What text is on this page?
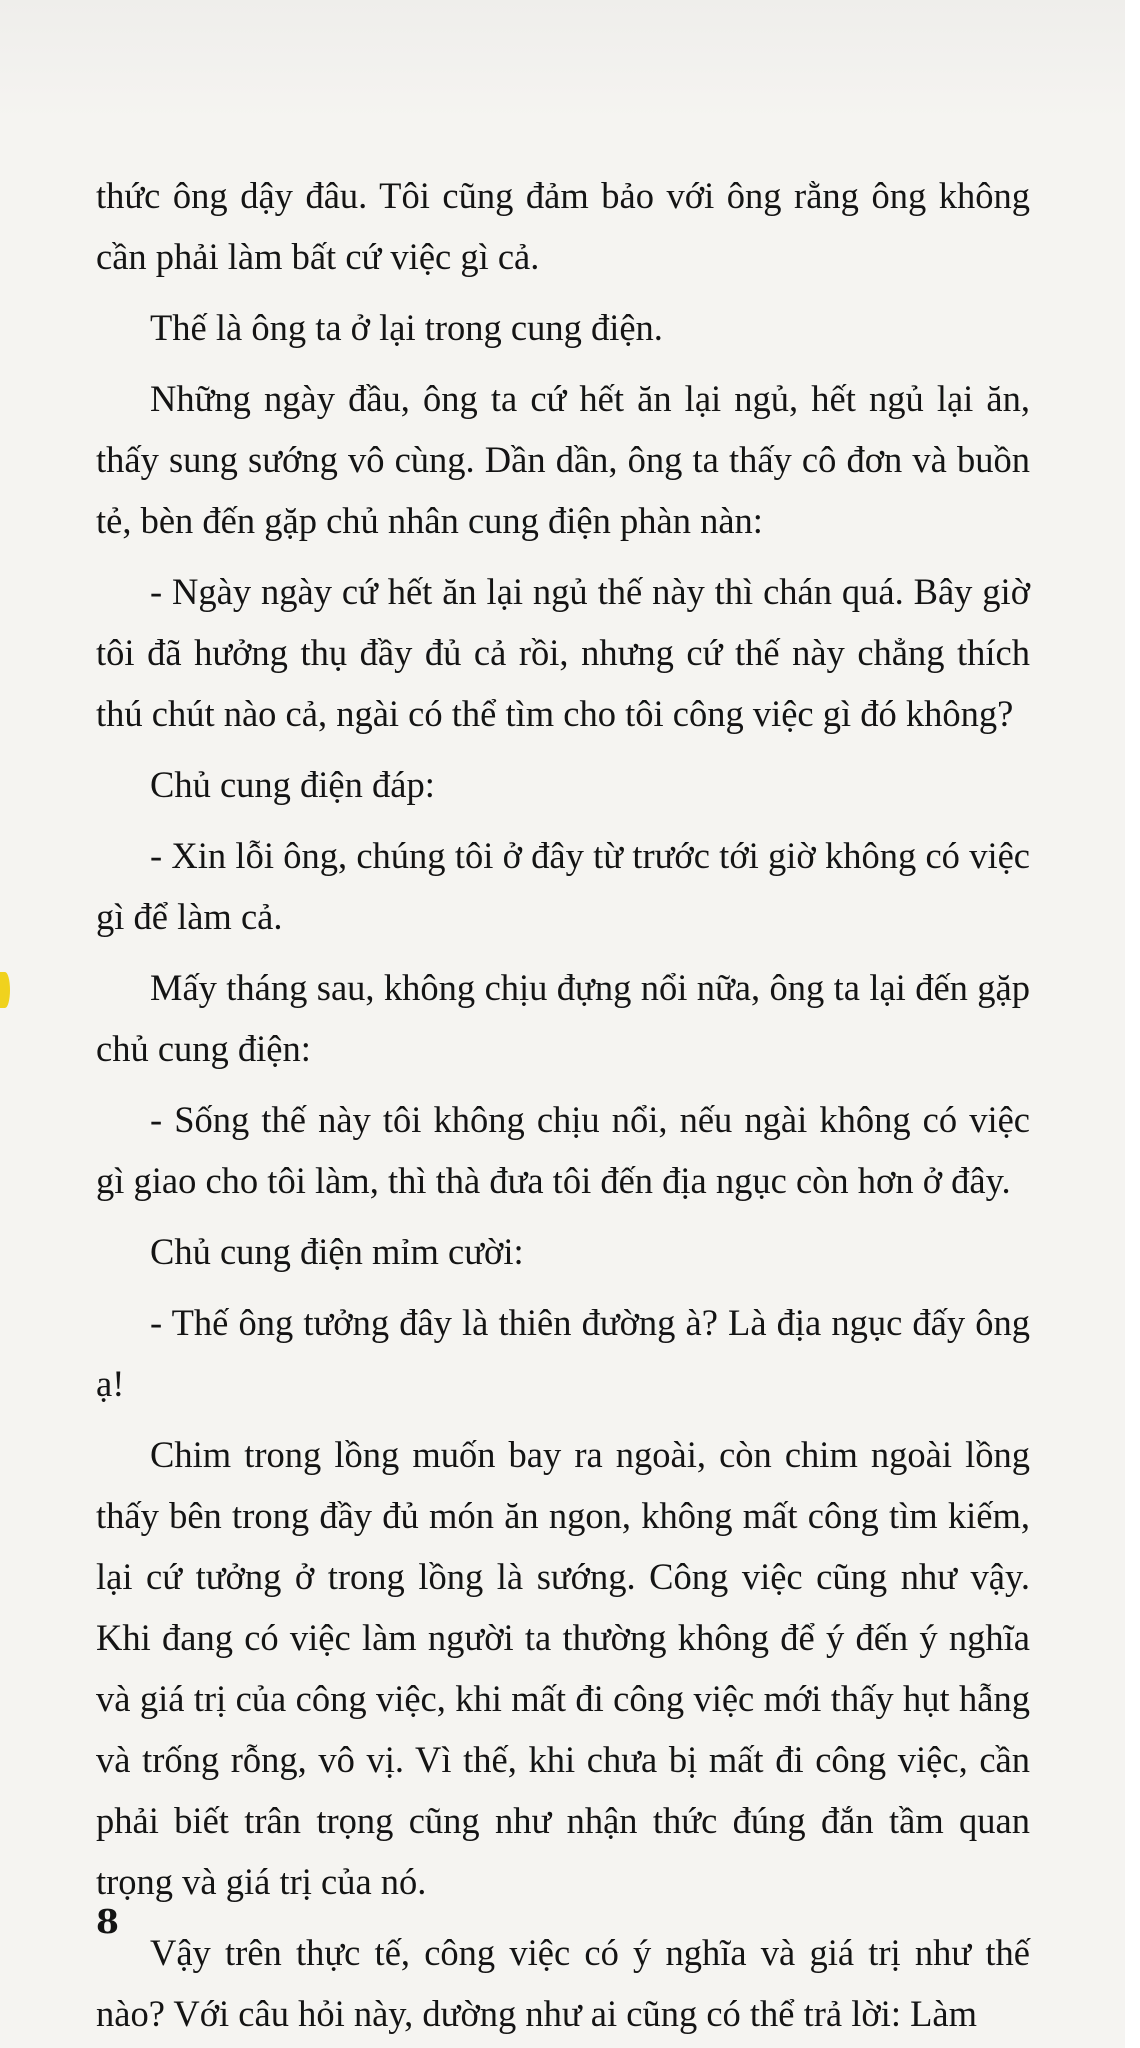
thức ông dậy đâu. Tôi cũng đảm bảo với ông rằng ông không cần phải làm bất cứ việc gì cả.

Thế là ông ta ở lại trong cung điện.

Những ngày đầu, ông ta cứ hết ăn lại ngủ, hết ngủ lại ăn, thấy sung sướng vô cùng. Dần dần, ông ta thấy cô đơn và buồn tẻ, bèn đến gặp chủ nhân cung điện phàn nàn:

- Ngày ngày cứ hết ăn lại ngủ thế này thì chán quá. Bây giờ tôi đã hưởng thụ đầy đủ cả rồi, nhưng cứ thế này chẳng thích thú chút nào cả, ngài có thể tìm cho tôi công việc gì đó không?

Chủ cung điện đáp:

- Xin lỗi ông, chúng tôi ở đây từ trước tới giờ không có việc gì để làm cả.

Mấy tháng sau, không chịu đựng nổi nữa, ông ta lại đến gặp chủ cung điện:

- Sống thế này tôi không chịu nổi, nếu ngài không có việc gì giao cho tôi làm, thì thà đưa tôi đến địa ngục còn hơn ở đây.

Chủ cung điện mỉm cười:

- Thế ông tưởng đây là thiên đường à? Là địa ngục đấy ông ạ!

Chim trong lồng muốn bay ra ngoài, còn chim ngoài lồng thấy bên trong đầy đủ món ăn ngon, không mất công tìm kiếm, lại cứ tưởng ở trong lồng là sướng. Công việc cũng như vậy. Khi đang có việc làm người ta thường không để ý đến ý nghĩa và giá trị của công việc, khi mất đi công việc mới thấy hụt hẫng và trống rỗng, vô vị. Vì thế, khi chưa bị mất đi công việc, cần phải biết trân trọng cũng như nhận thức đúng đắn tầm quan trọng và giá trị của nó.

Vậy trên thực tế, công việc có ý nghĩa và giá trị như thế nào? Với câu hỏi này, dường như ai cũng có thể trả lời: Làm

8
